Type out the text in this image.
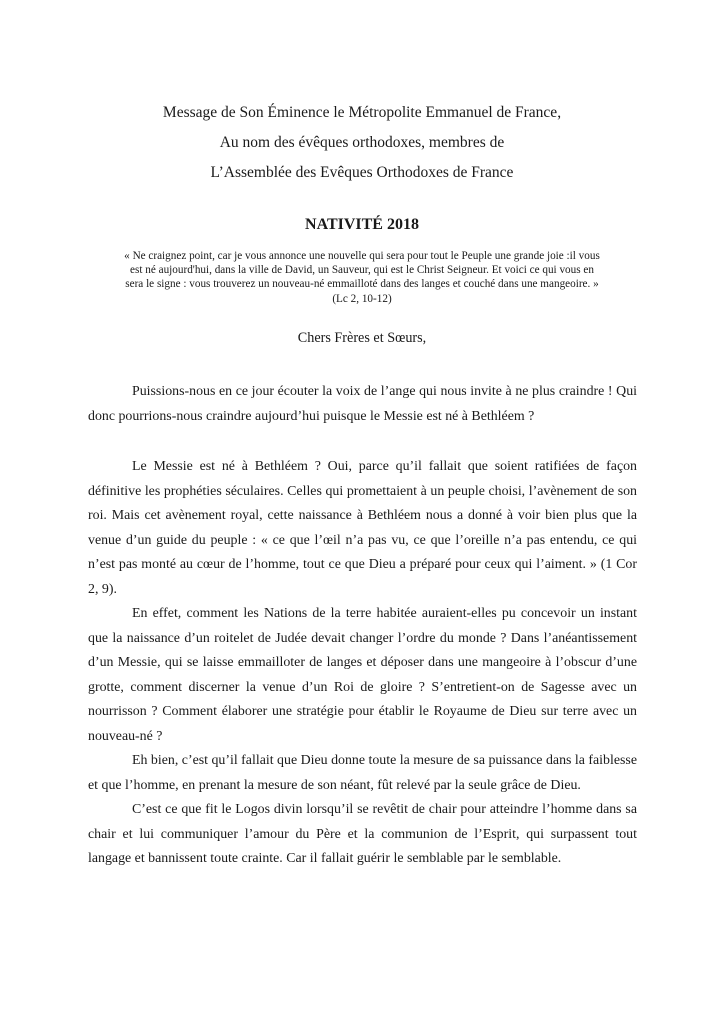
Message de Son Éminence le Métropolite Emmanuel de France,
Au nom des évêques orthodoxes, membres de
L’Assemblée des Evêques Orthodoxes de France
NATIVITÉ 2018
« Ne craignez point, car je vous annonce une nouvelle qui sera pour tout le Peuple une grande joie :il vous
est né aujourd'hui, dans la ville de David, un Sauveur, qui est le Christ Seigneur. Et voici ce qui vous en
sera le signe : vous trouverez un nouveau-né emmailloté dans des langes et couché dans une mangeoire. »
(Lc 2, 10-12)
Chers Frères et Sœurs,

Puissions-nous en ce jour écouter la voix de l’ange qui nous invite à ne plus craindre ! Qui donc pourrions-nous craindre aujourd’hui puisque le Messie est né à Bethléem ?

Le Messie est né à Bethléem ? Oui, parce qu’il fallait que soient ratifiées de façon définitive les prophéties séculaires. Celles qui promettaient à un peuple choisi, l’avènement de son roi. Mais cet avènement royal, cette naissance à Bethléem nous a donné à voir bien plus que la venue d’un guide du peuple : « ce que l’œil n’a pas vu, ce que l’oreille n’a pas entendu, ce qui n’est pas monté au cœur de l’homme, tout ce que Dieu a préparé pour ceux qui l’aiment. » (1 Cor 2, 9).

En effet, comment les Nations de la terre habitée auraient-elles pu concevoir un instant que la naissance d’un roitelet de Judée devait changer l’ordre du monde ? Dans l’anéantissement d’un Messie, qui se laisse emmailloter de langes et déposer dans une mangeoire à l’obscur d’une grotte, comment discerner la venue d’un Roi de gloire ? S’entretient-on de Sagesse avec un nourrisson ? Comment élaborer une stratégie pour établir le Royaume de Dieu sur terre avec un nouveau-né ?

Eh bien, c’est qu’il fallait que Dieu donne toute la mesure de sa puissance dans la faiblesse et que l’homme, en prenant la mesure de son néant, fût relevé par la seule grâce de Dieu.

C’est ce que fit le Logos divin lorsqu’il se revêtit de chair pour atteindre l’homme dans sa chair et lui communiquer l’amour du Père et la communion de l’Esprit, qui surpassent tout langage et bannissent toute crainte. Car il fallait guérir le semblable par le semblable.
